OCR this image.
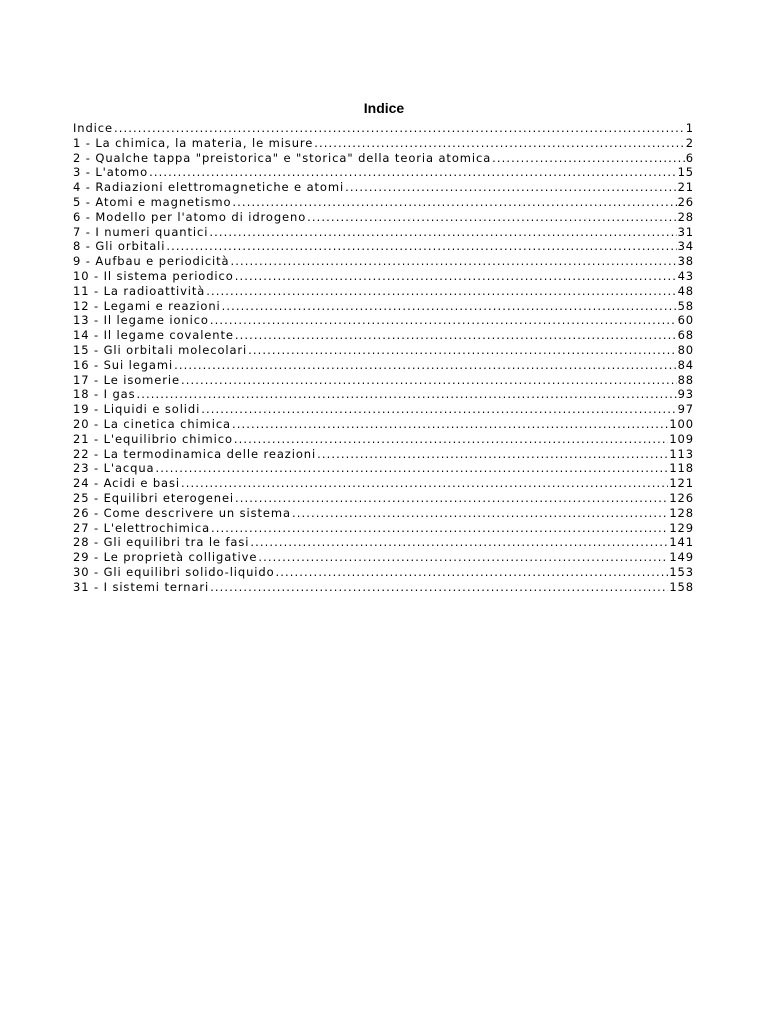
Indice
Indice .....	1
1 - La chimica, la materia, le misure .....	2
2 - Qualche tappa "preistorica" e "storica" della teoria atomica .....	6
3 - L'atomo .....	15
4 - Radiazioni elettromagnetiche e atomi .....	21
5 - Atomi e magnetismo .....	26
6 - Modello per l'atomo di idrogeno .....	28
7 - I numeri quantici .....	31
8 - Gli orbitali .....	34
9 - Aufbau e periodicità .....	38
10 - Il sistema periodico .....	43
11 - La radioattività .....	48
12 - Legami e reazioni .....	58
13 - Il legame ionico .....	60
14 - Il legame covalente .....	68
15 - Gli orbitali molecolari .....	80
16 - Sui legami .....	84
17 - Le isomerie .....	88
18 - I gas .....	93
19 - Liquidi e solidi .....	97
20 - La cinetica chimica .....	100
21 - L'equilibrio chimico .....	109
22 - La termodinamica delle reazioni .....	113
23 - L'acqua .....	118
24 - Acidi e basi .....	121
25 - Equilibri eterogenei .....	126
26 - Come descrivere un sistema .....	128
27 - L'elettrochimica .....	129
28 - Gli equilibri tra le fasi .....	141
29 - Le proprietà colligative .....	149
30 - Gli equilibri solido-liquido .....	153
31 - I sistemi ternari .....	158
